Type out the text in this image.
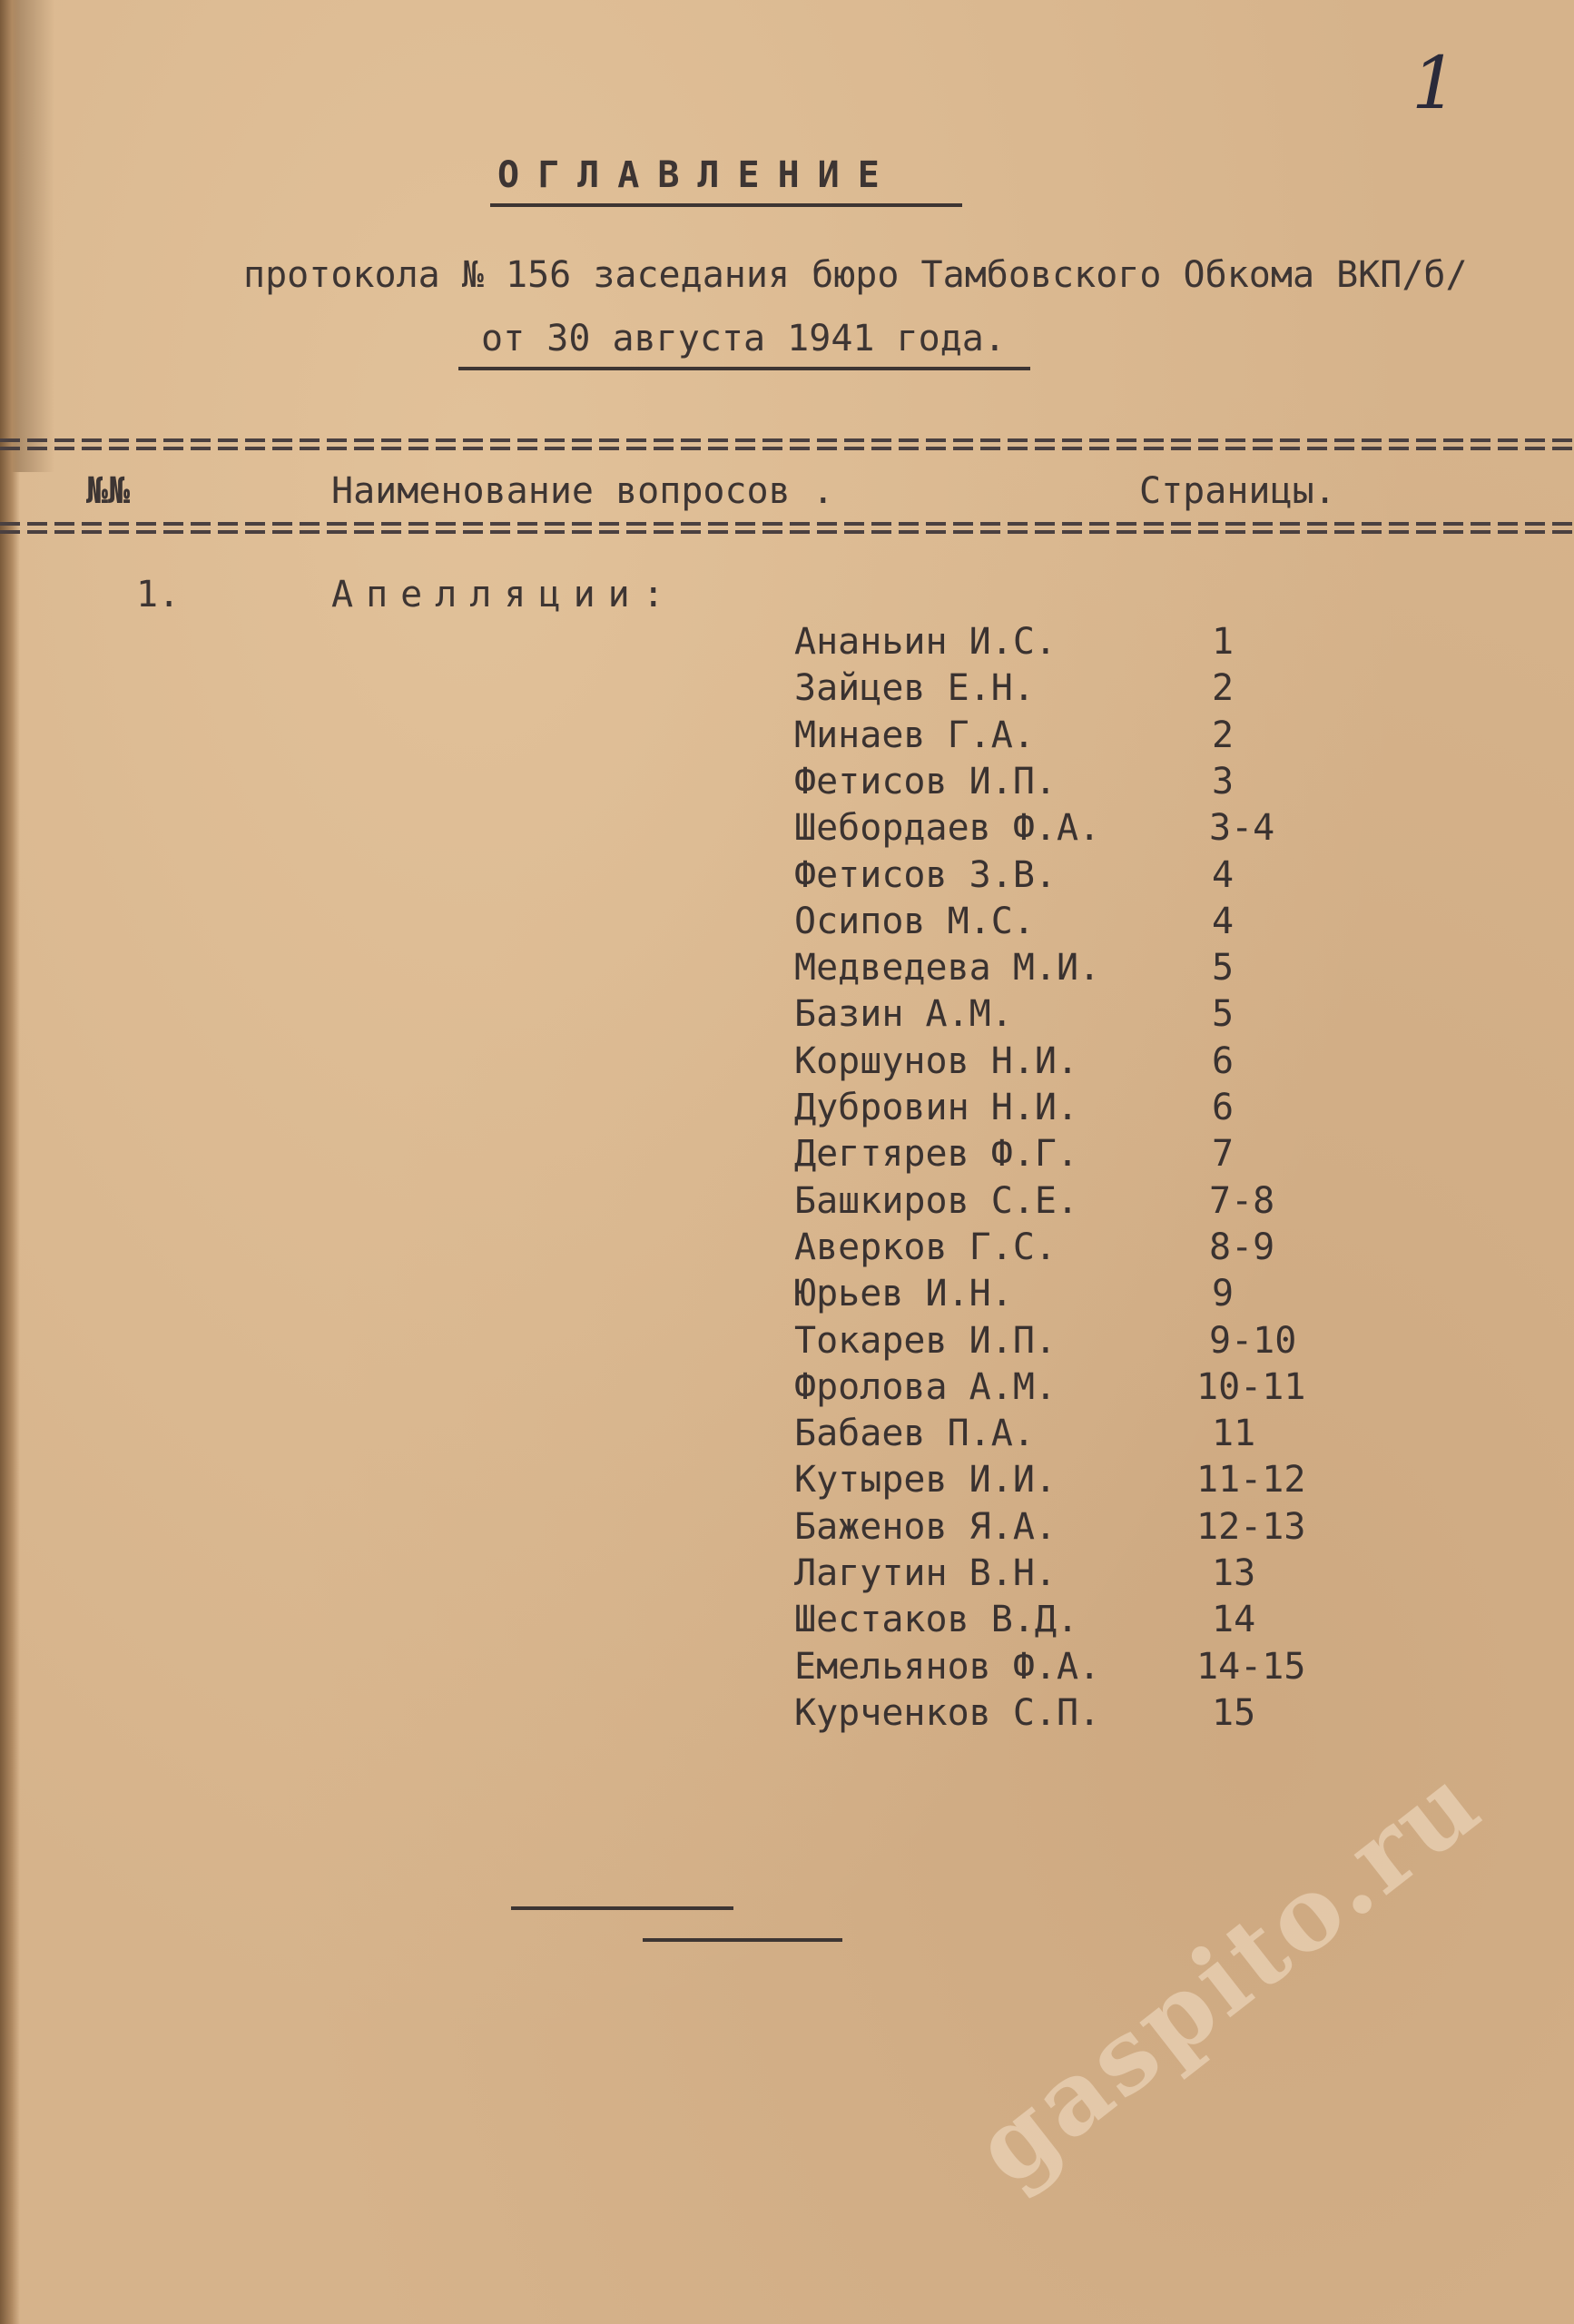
1
ОГЛАВЛЕНИЕ
протокола № 156 заседания бюро Тамбовского Обкома ВКП/б/
от 30 августа 1941 года.
№№	Наименование вопросов .	Страницы.
1.	Апелляции:
Ананьин И.С.	1
Зайцев Е.Н.	2
Минаев Г.А.	2
Фетисов И.П.	3
Шебордаев Ф.А.	3-4
Фетисов З.В.	4
Осипов М.С.	4
Медведева М.И.	5
Базин А.М.	5
Коршунов Н.И.	6
Дубровин Н.И.	6
Дегтярев Ф.Г.	7
Башкиров С.Е.	7-8
Аверков Г.С.	8-9
Юрьев И.Н.	9
Токарев И.П.	9-10
Фролова А.М.	10-11
Бабаев П.А.	11
Кутырев И.И.	11-12
Баженов Я.А.	12-13
Лагутин В.Н.	13
Шестаков В.Д.	14
Емельянов Ф.А.	14-15
Курченков С.П.	15
gaspito.ru
